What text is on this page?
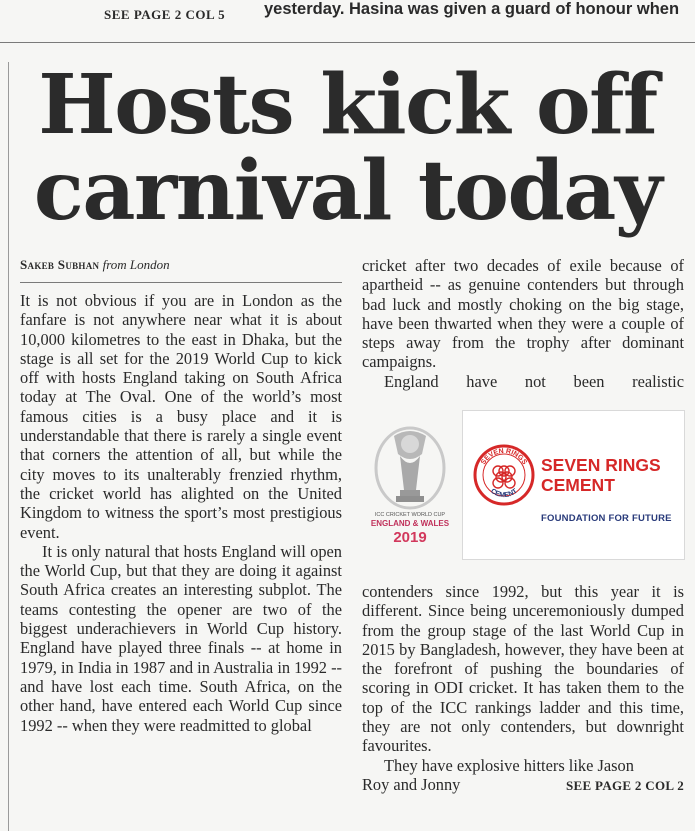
SEE PAGE 2 COL 5 yesterday. Hasina was given a guard of honour when
Hosts kick off
carnival today
Sakeb Subhan from London

It is not obvious if you are in London as the fanfare is not anywhere near what it is about 10,000 kilometres to the east in Dhaka, but the stage is all set for the 2019 World Cup to kick off with hosts England taking on South Africa today at The Oval. One of the world’s most famous cities is a busy place and it is understandable that there is rarely a single event that corners the attention of all, but while the city moves to its unalterably frenzied rhythm, the cricket world has alighted on the United Kingdom to witness the sport’s most prestigious event.

It is only natural that hosts England will open the World Cup, but that they are doing it against South Africa creates an interesting subplot. The teams contesting the opener are two of the biggest underachievers in World Cup history. England have played three finals -- at home in 1979, in India in 1987 and in Australia in 1992 -- and have lost each time. South Africa, on the other hand, have entered each World Cup since 1992 -- when they were readmitted to global

cricket after two decades of exile because of apartheid -- as genuine contenders but through bad luck and mostly choking on the big stage, have been thwarted when they were a couple of steps away from the trophy after dominant campaigns.

England have not been realistic

ICC CRICKET WORLD CUP
ENGLAND & WALES
2019
SEVEN RINGS
CEMENT
SEVEN RINGS
CEMENT
FOUNDATION FOR FUTURE

contenders since 1992, but this year it is different. Since being unceremoniously dumped from the group stage of the last World Cup in 2015 by Bangladesh, however, they have been at the forefront of pushing the boundaries of scoring in ODI cricket. It has taken them to the top of the ICC rankings ladder and this time, they are not only contenders, but downright favourites.

They have explosive hitters like Jason

Roy and Jonny	SEE PAGE 2 COL 2
